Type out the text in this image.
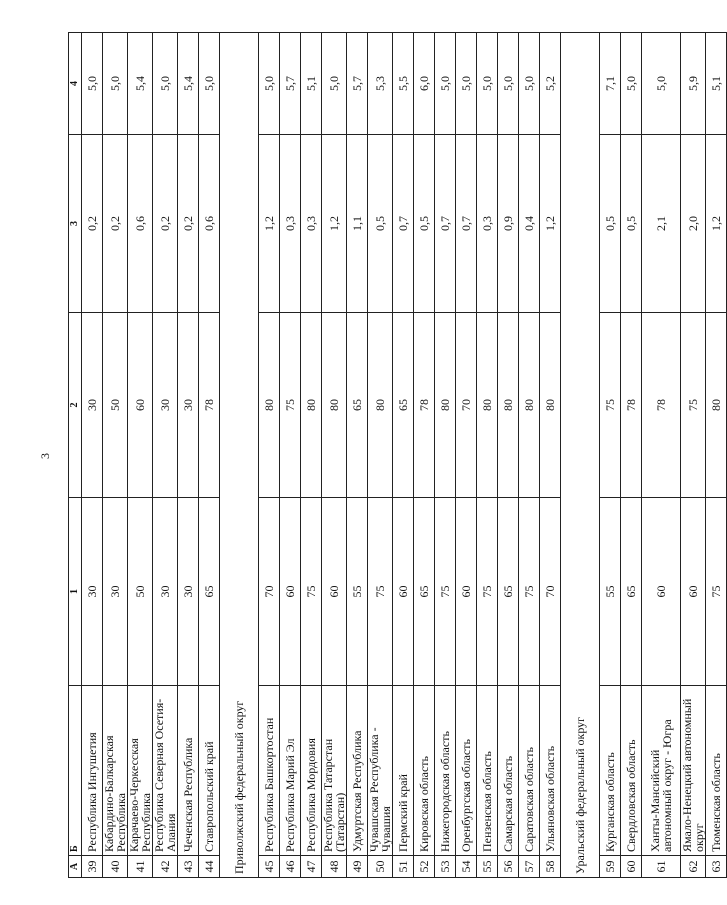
3
А	Б	1	2	3	4
39	Республика Ингушетия	30	30	0,2	5,0
40	Кабардино-Балкарская Республика	30	50	0,2	5,0
41	Карачаево-Черкесская Республика	50	60	0,6	5,4
42	Республика Северная Осетия-Алания	30	30	0,2	5,0
43	Чеченская Республика	30	30	0,2	5,4
44	Ставропольский край	65	78	0,6	5,0
Приволжский федеральный округ					
45	Республика Башкортостан	70	80	1,2	5,0
46	Республика Марий Эл	60	75	0,3	5,7
47	Республика Мордовия	75	80	0,3	5,1
48	Республика Татарстан (Татарстан)	60	80	1,2	5,0
49	Удмуртская Республика	55	65	1,1	5,7
50	Чувашская Республика - Чувашия	75	80	0,5	5,3
51	Пермский край	60	65	0,7	5,5
52	Кировская область	65	78	0,5	6,0
53	Нижегородская область	75	80	0,7	5,0
54	Оренбургская область	60	70	0,7	5,0
55	Пензенская область	75	80	0,3	5,0
56	Самарская область	65	80	0,9	5,0
57	Саратовская область	75	80	0,4	5,0
58	Ульяновская область	70	80	1,2	5,2
Уральский федеральный округ					
59	Курганская область	55	75	0,5	7,1
60	Свердловская область	65	78	0,5	5,0
61	Ханты-Мансийский автономный округ - Югра	60	78	2,1	5,0
62	Ямало-Ненецкий автономный округ	60	75	2,0	5,9
63	Тюменская область	75	80	1,2	5,1
